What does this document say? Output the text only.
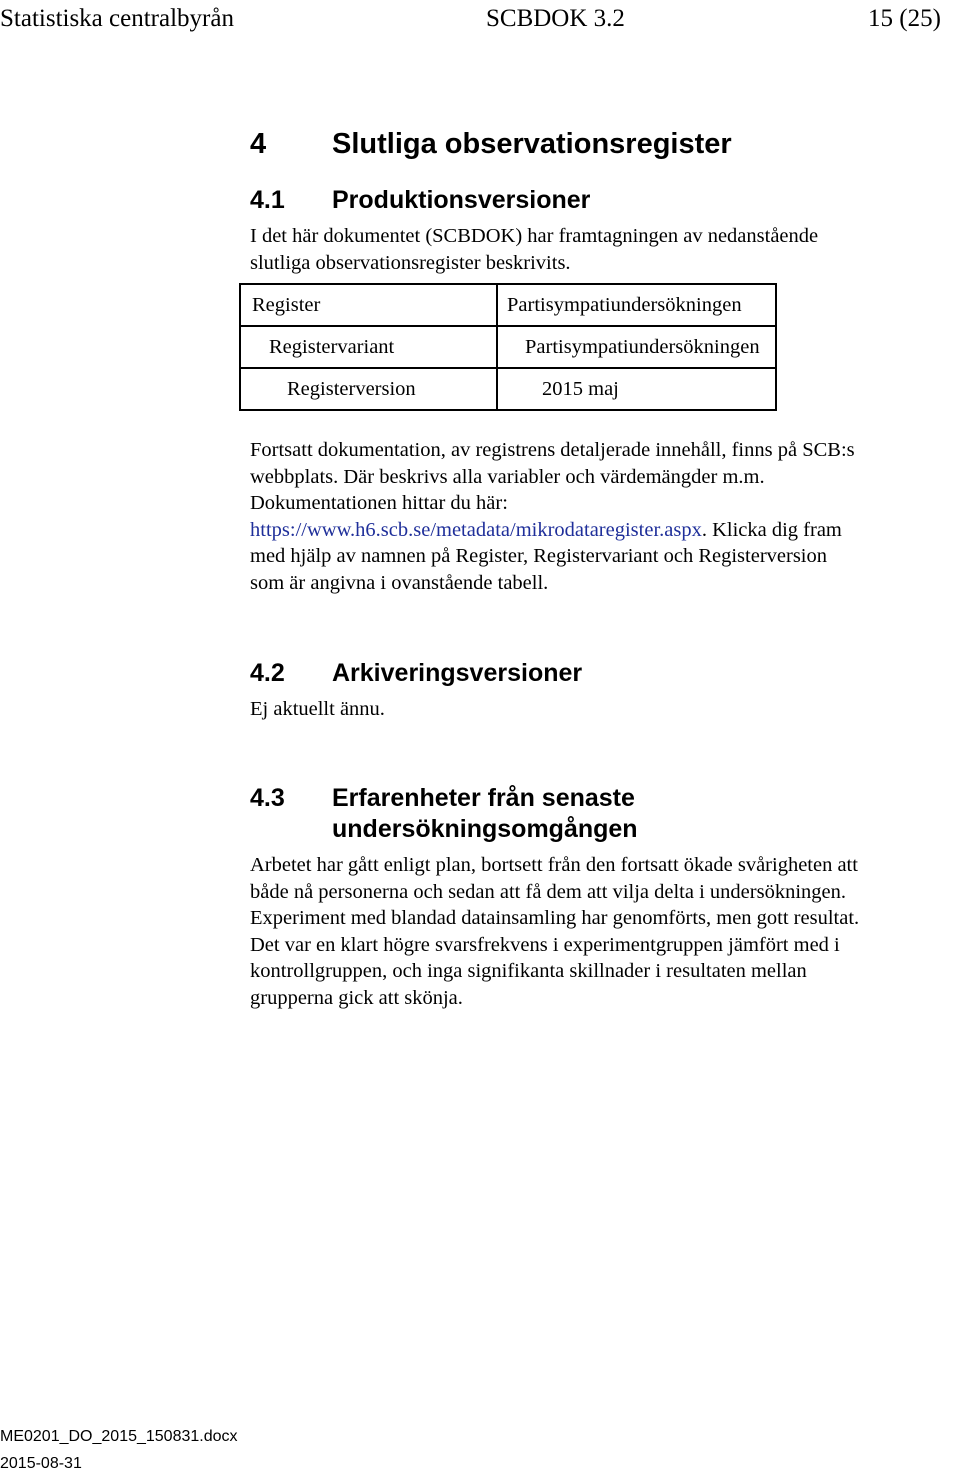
Statistiska centralbyrån	SCBDOK 3.2	15 (25)
4 Slutliga observationsregister
4.1 Produktionsversioner
I det här dokumentet (SCBDOK) har framtagningen av nedanstående
slutliga observationsregister beskrivits.
Register	Partisympatiundersökningen
Registervariant	Partisympatiundersökningen
Registerversion	2015 maj
Fortsatt dokumentation, av registrens detaljerade innehåll, finns på SCB:s
webbplats. Där beskrivs alla variabler och värdemängder m.m.
Dokumentationen hittar du här:
https://www.h6.scb.se/metadata/mikrodataregister.aspx. Klicka dig fram
med hjälp av namnen på Register, Registervariant och Registerversion
som är angivna i ovanstående tabell.
4.2 Arkiveringsversioner
Ej aktuellt ännu.
4.3 Erfarenheter från senaste
undersökningsomgången
Arbetet har gått enligt plan, bortsett från den fortsatt ökade svårigheten att
både nå personerna och sedan att få dem att vilja delta i undersökningen.
Experiment med blandad datainsamling har genomförts, men gott resultat.
Det var en klart högre svarsfrekvens i experimentgruppen jämfört med i
kontrollgruppen, och inga signifikanta skillnader i resultaten mellan
grupperna gick att skönja.
ME0201_DO_2015_150831.docx
2015-08-31
